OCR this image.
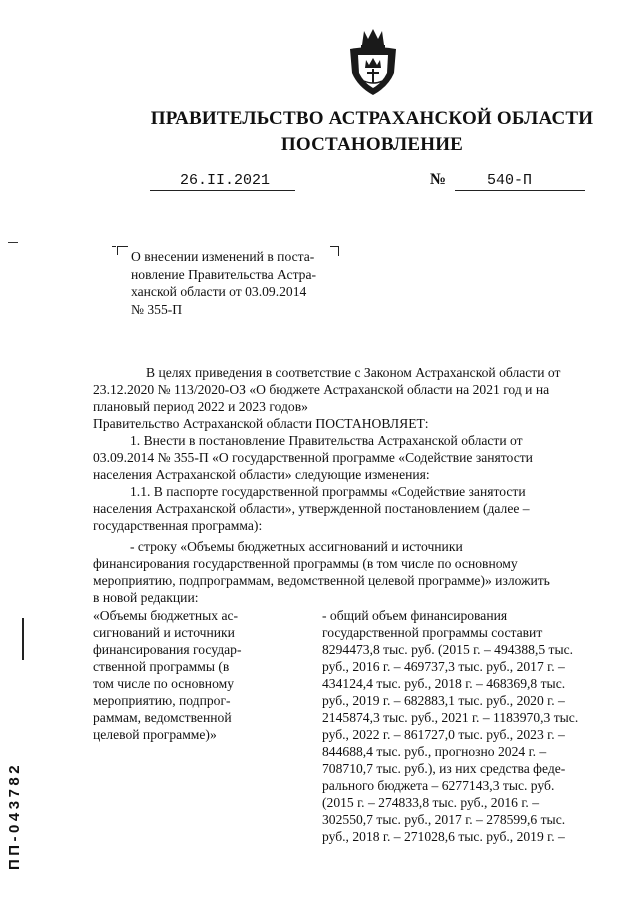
ПРАВИТЕЛЬСТВО АСТРАХАНСКОЙ ОБЛАСТИ
ПОСТАНОВЛЕНИЕ
26.II.2021	№	540-П
О внесении изменений в поста-
новление Правительства Астра-
ханской области от 03.09.2014
№ 355-П
В целях приведения в соответствие с Законом Астраханской области от
23.12.2020 № 113/2020-ОЗ «О бюджете Астраханской области на 2021 год и на
плановый период 2022 и 2023 годов»
Правительство Астраханской области ПОСТАНОВЛЯЕТ:
1. Внести в постановление Правительства Астраханской области от
03.09.2014 № 355-П «О государственной программе «Содействие занятости
населения Астраханской области» следующие изменения:
1.1. В паспорте государственной программы «Содействие занятости
населения Астраханской области», утвержденной постановлением (далее –
государственная программа):
- строку «Объемы бюджетных ассигнований и источники
финансирования государственной программы (в том числе по основному
мероприятию, подпрограммам, ведомственной целевой программе)» изложить
в новой редакции:
«Объемы бюджетных ас-
сигнований и источники
финансирования государ-
ственной программы (в
том числе по основному
мероприятию, подпрог-
раммам, ведомственной
целевой программе)»
- общий объем финансирования
государственной программы составит
8294473,8 тыс. руб. (2015 г. – 494388,5 тыс.
руб., 2016 г. – 469737,3 тыс. руб., 2017 г. –
434124,4 тыс. руб., 2018 г. – 468369,8 тыс.
руб., 2019 г. – 682883,1 тыс. руб., 2020 г. –
2145874,3 тыс. руб., 2021 г. – 1183970,3 тыс.
руб., 2022 г. – 861727,0 тыс. руб., 2023 г. –
844688,4 тыс. руб., прогнозно 2024 г. –
708710,7 тыс. руб.), из них средства феде-
рального бюджета – 6277143,3 тыс. руб.
(2015 г. – 274833,8 тыс. руб., 2016 г. –
302550,7 тыс. руб., 2017 г. – 278599,6 тыс.
руб., 2018 г. – 271028,6 тыс. руб., 2019 г. –
ПП-043782
